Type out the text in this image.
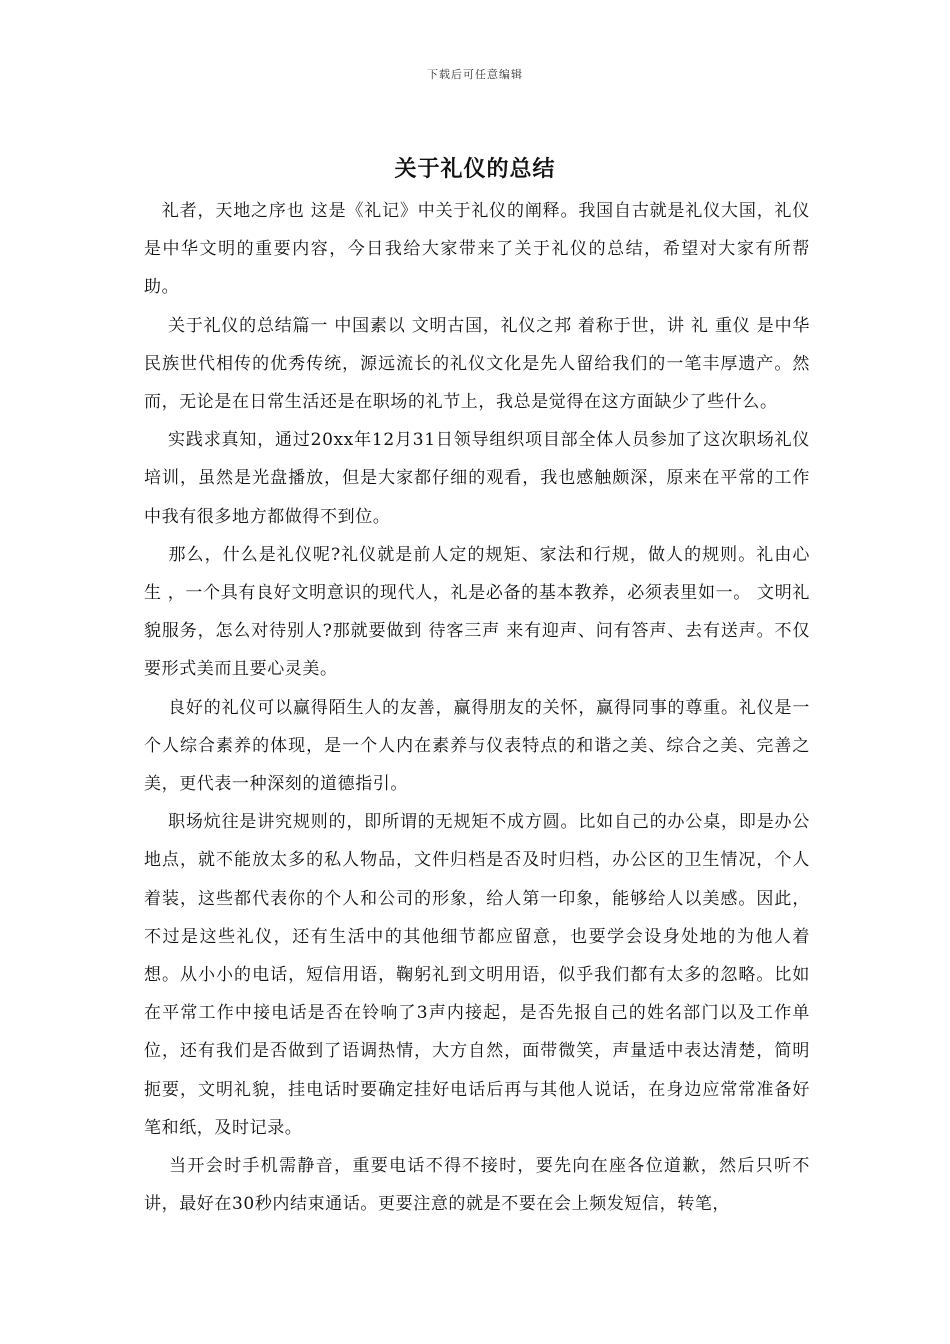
下载后可任意编辑
关于礼仪的总结

　礼者，天地之序也 这是《礼记》中关于礼仪的阐释。我国自古就是礼仪大国，礼仪是中华文明的重要内容，今日我给大家带来了关于礼仪的总结，希望对大家有所帮助。

　 关于礼仪的总结篇一 中国素以 文明古国，礼仪之邦 着称于世，讲 礼 重仪 是中华民族世代相传的优秀传统，源远流长的礼仪文化是先人留给我们的一笔丰厚遗产。然而，无论是在日常生活还是在职场的礼节上，我总是觉得在这方面缺少了些什么。

　 实践求真知，通过20xx年12月31日领导组织项目部全体人员参加了这次职场礼仪培训，虽然是光盘播放，但是大家都仔细的观看，我也感触颇深，原来在平常的工作中我有很多地方都做得不到位。

　 那么，什么是礼仪呢?礼仪就是前人定的规矩、家法和行规，做人的规则。礼由心生 ，一个具有良好文明意识的现代人，礼是必备的基本教养，必须表里如一。 文明礼貌服务，怎么对待别人?那就要做到 待客三声 来有迎声、问有答声、去有送声。不仅要形式美而且要心灵美。

　 良好的礼仪可以赢得陌生人的友善，赢得朋友的关怀，赢得同事的尊重。礼仪是一个人综合素养的体现，是一个人内在素养与仪表特点的和谐之美、综合之美、完善之美，更代表一种深刻的道德指引。

　 职场炕往是讲究规则的，即所谓的无规矩不成方圆。比如自己的办公桌，即是办公地点，就不能放太多的私人物品，文件归档是否及时归档，办公区的卫生情况，个人着装，这些都代表你的个人和公司的形象，给人第一印象，能够给人以美感。因此，不过是这些礼仪，还有生活中的其他细节都应留意，也要学会设身处地的为他人着想。从小小的电话，短信用语，鞠躬礼到文明用语，似乎我们都有太多的忽略。比如在平常工作中接电话是否在铃响了3声内接起，是否先报自己的姓名部门以及工作单位，还有我们是否做到了语调热情，大方自然，面带微笑，声量适中表达清楚，简明扼要，文明礼貌，挂电话时要确定挂好电话后再与其他人说话，在身边应常常准备好笔和纸，及时记录。

　 当开会时手机需静音，重要电话不得不接时，要先向在座各位道歉，然后只听不讲，最好在30秒内结束通话。更要注意的就是不要在会上频发短信，转笔，
